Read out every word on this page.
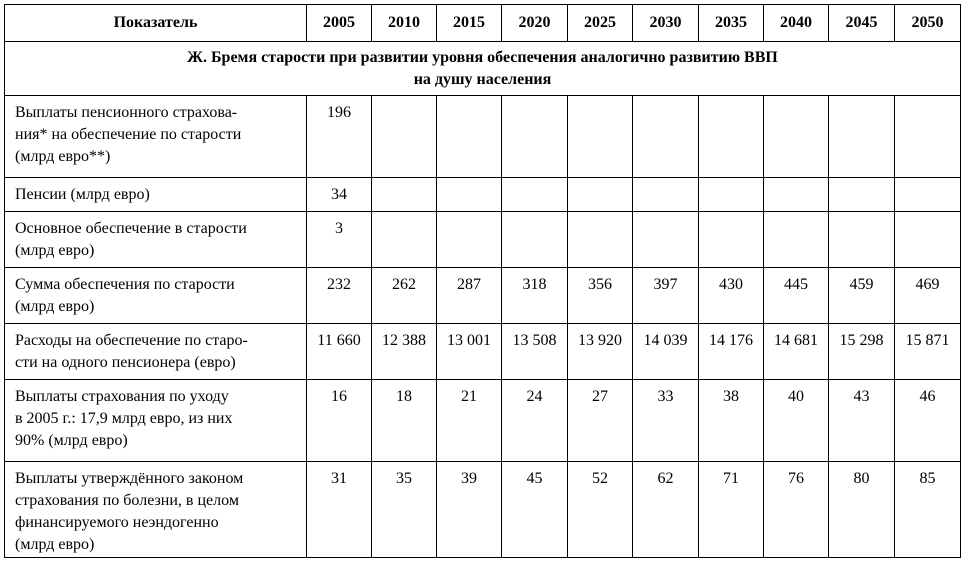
Показатель	2005	2010	2015	2020	2025	2030	2035	2040	2045	2050

Ж. Бремя старости при развитии уровня обеспечения аналогично развитию ВВП
на душу населения										

Выплаты пенсионного страхова-
ния* на обеспечение по старости
(млрд евро**)	196									

Пенсии (млрд евро)	34									

Основное обеспечение в старости
(млрд евро)	3									

Сумма обеспечения по старости
(млрд евро)	232	262	287	318	356	397	430	445	459	469

Расходы на обеспечение по старо-
сти на одного пенсионера (евро)	11 660	12 388	13 001	13 508	13 920	14 039	14 176	14 681	15 298	15 871

Выплаты страхования по уходу
в 2005 г.: 17,9 млрд евро, из них
90% (млрд евро)	16	18	21	24	27	33	38	40	43	46

Выплаты утверждённого законом
страхования по болезни, в целом
финансируемого неэндогенно
(млрд евро)	31	35	39	45	52	62	71	76	80	85
